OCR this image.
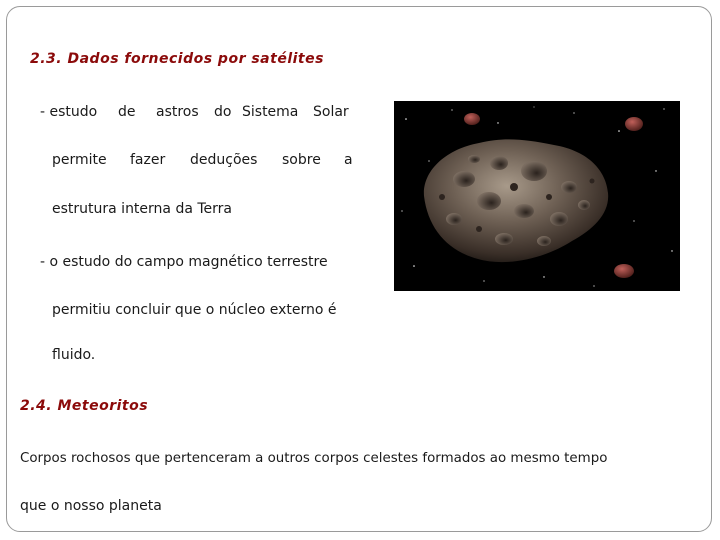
2.3. Dados fornecidos por satélites
- estudo de astros do Sistema Solar
permite fazer deduções sobre a
estrutura interna da Terra
- o estudo do campo magnético terrestre
permitiu concluir que o núcleo externo é
fluido.
2.4. Meteoritos
Corpos rochosos que pertenceram a outros corpos celestes formados ao mesmo tempo
que o nosso planeta
